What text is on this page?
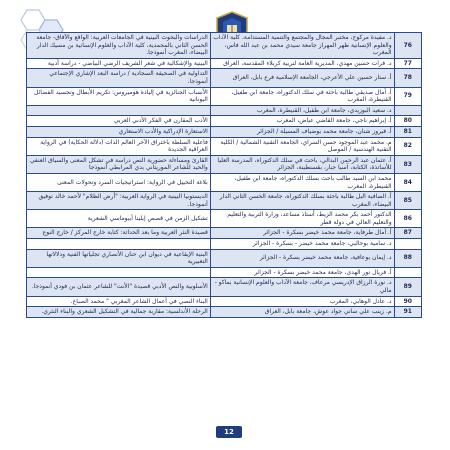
76	د. مفيدة مركوح، مختبر المجال والمجتمع والتنمية المستدامة، كلية الآداب والعلوم الإنسانية ظهر المهراز جامعة سيدي محمد بن عبد الله فاس، المغرب	الدراسات والبحوث البينية في الجامعات العربية: الواقع والآفاق- جامعة الحسن الثاني بالمحمدية، كلية الآداب والعلوم الإنسانية بن مسيك الدار البيضاء، المغرب أنموذجا.
77	د. فرات حسين مهدي، المديرية العامة لتربية كربلاء المقدسة، العراق	البينية والإشكالية في شعر الشريف الرضي البياضي - دراسة أدبية
78	أ. ستار حسين علي الأعرجي، الجامعة الإسلامية فرع بابل، العراق	التداولية في الصحيفة السجادية / دراسة البعد الإشاري الإجتماعي أنموذجا.
79	أ. آمال صديقي طالبة باحثة في سلك الدكتوراه، جامعة ابن طفيل، القنيطرة، المغرب	الأنساب الجنائزية في إلياذة هوميروس: تكريم الأبطال وتجسيد الفضائل اليونانية
	د. سعيد البوزيدي، جامعة ابن طفيل، القنيطرة، المغرب	
80	أ. إبراهيم ناجي، جامعة القاضي عياض، المغرب	الأدب المقارن في الفكر الأدبي العربي
81	أ. فيروز شنان، جامعة محمد بوضياف المسيلة / الجزائر	الاستعارة الإدراكية والأدب الاستعاري
82	م. محمد عبد الموجود حسن السراي، الجامعة التقنية الشمالية / الكلية التقنية الهندسية / الموصل	فاعلية السلطة باختراق الآخر العالم الذات (دلالة الحكاية) في الرواية العراقية الجديدة
83	أ. عثمان عبد الرحمن البدالي، باحث في سلك الدكتوراه، المدرسة العليا للأساتذة، الكتابة، آسيا جبار، بقسنطينة، الجزائر	القارئ ومساءلة حضورية النص دراسة في تشكل المعنى والسياق العنقي والحيد للشاعر الموريتاني بدي المرابطي أنموذجا
84	محمد ابن السيد طالب باحث بسلك الدكتوراه، جامعة ابن طفيل، القنيطرة، المغرب	بلاغة التخييل في الرواية: استراتيجيات السرد وتحولات المعنى
85	أ. الصافية البل طالبة باحثة بسلك الدكتوراه، جامعة الحسن الثاني الدار البيضاء، المغرب	الديستوبيا البينية في الرواية العربية: "أرض الظلام" لأحمد خالد توفيق أنموذجا.
86	الدكتور أحمد بكر محمد الزيط، أستاذ مساعد، وزارة التربية والتعليم والتعليم العالي في دولة قطر	تشكيل الزمن في قصص إيلينا أيبوماسي الشعرية
87	أ. آمال طرفاية، جامعة محمد خيضر بسكرة - الجزائر	قصيدة النثر العربية وما بعد الحداثة: كتابة خارج المركز / خارج النوع
	د. سامية بوحالبي، جامعة محمد خيضر - بسكرة - الجزائر	
88	د. إيمان بوعافية، جامعة محمد خيضر بسكرة - الجزائر	البنية الإيقاعية في ديوان ابن حنان الأنصاري تجلياتها الفنية ودلالاتها التعبيرية
	أ. فريال نور الهدى، جامعة محمد خيضر بسكرة - الجزائر	
89	د. نورة الرزاق الإدريسي مرعاف، جامعة الآداب والعلوم الإنسانية بماكو - مالي	الأسلوبية والنص الأدبي قصيدة "الأنت" للشاعر عثمان بن فودي أنموذجا.
90	د. عادل الوهابي، المغرب	البناء النصي في أعمال الشاعر المغربي " محمد الصباغ.
91	م. زينب علي ساتي جواد عوش، جامعة بابل، العراق	الرحلة الأندلسية: مقاربة جمالية في التشكيل الشعري والبناء النثري.
12
